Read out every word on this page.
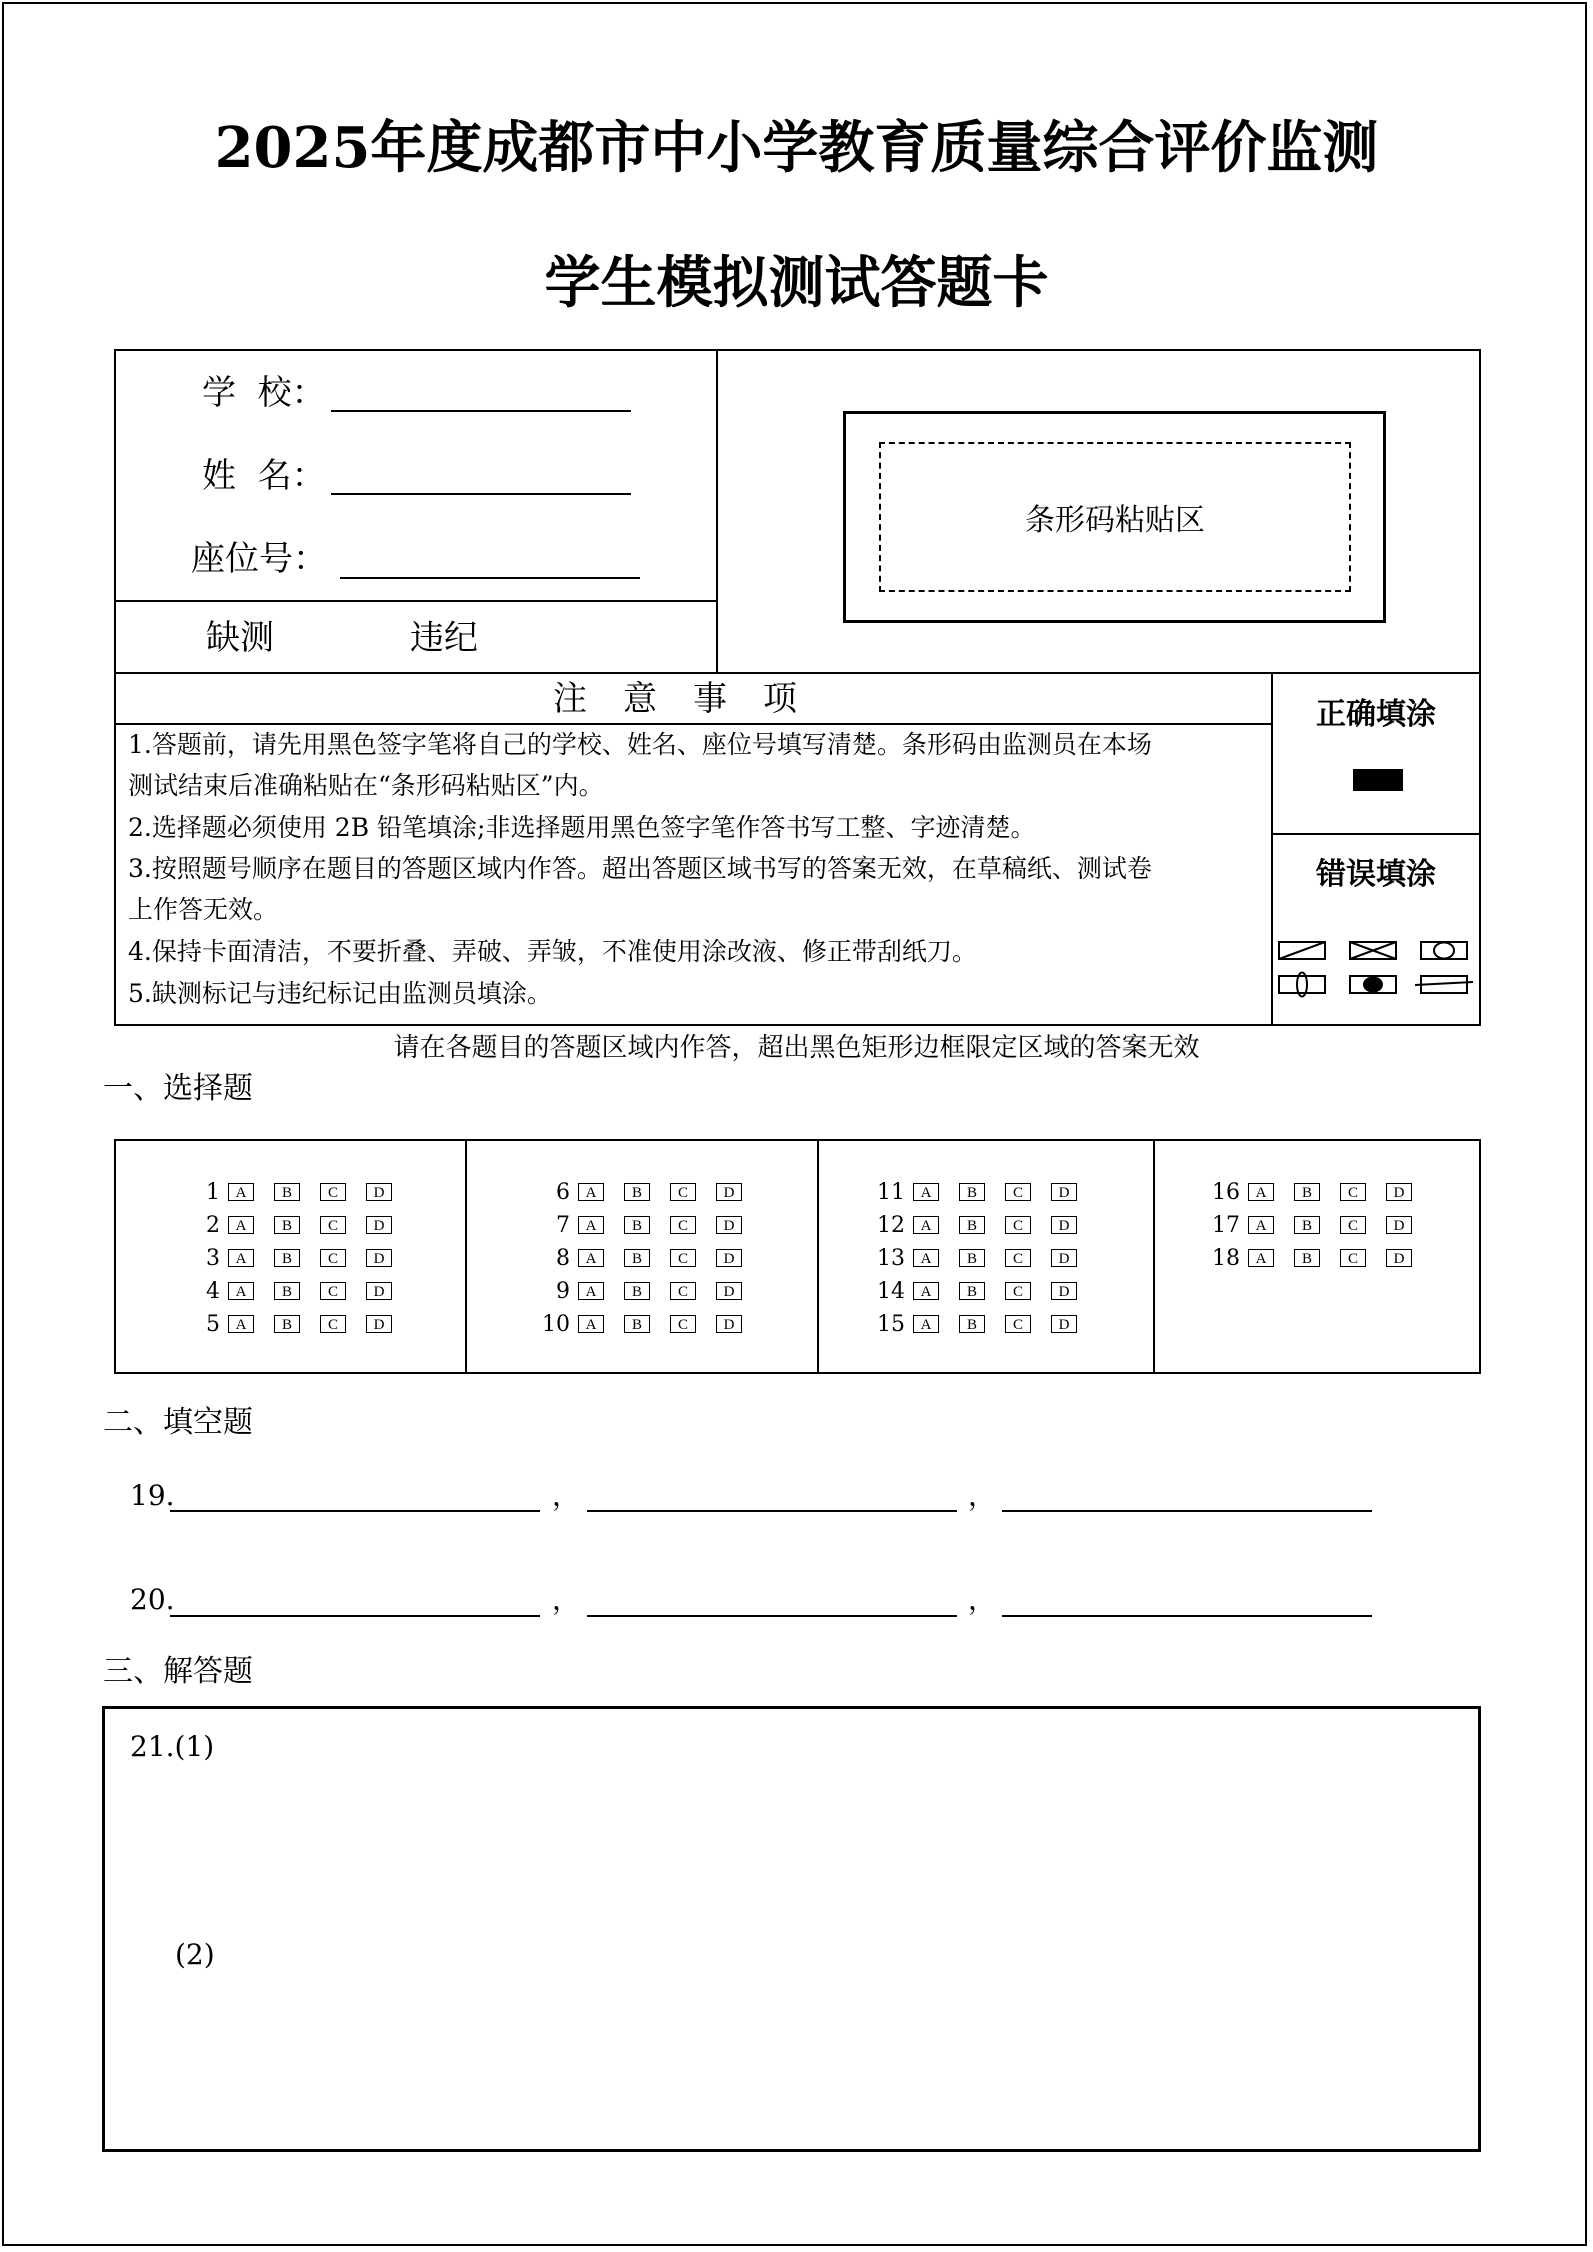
2025年度成都市中小学教育质量综合评价监测
学生模拟测试答题卡
学  校：
姓  名：
座位号：
缺测	违纪
条形码粘贴区
注意事项
1.答题前，请先用黑色签字笔将自己的学校、姓名、座位号填写清楚。条形码由监测员在本场
测试结束后准确粘贴在“条形码粘贴区”内。
2.选择题必须使用 2B 铅笔填涂;非选择题用黑色签字笔作答书写工整、字迹清楚。
3.按照题号顺序在题目的答题区域内作答。超出答题区域书写的答案无效，在草稿纸、测试卷
上作答无效。
4.保持卡面清洁，不要折叠、弄破、弄皱，不准使用涂改液、修正带刮纸刀。
5.缺测标记与违纪标记由监测员填涂。
正确填涂
错误填涂
请在各题目的答题区域内作答，超出黑色矩形边框限定区域的答案无效
一、选择题
1	A	B	C	D
2	A	B	C	D
3	A	B	C	D
4	A	B	C	D
5	A	B	C	D
6	A	B	C	D
7	A	B	C	D
8	A	B	C	D
9	A	B	C	D
10	A	B	C	D
11	A	B	C	D
12	A	B	C	D
13	A	B	C	D
14	A	B	C	D
15	A	B	C	D
16	A	B	C	D
17	A	B	C	D
18	A	B	C	D
二、填空题
19.	，	，
20.	，	，
三、解答题
21.(1)
(2)
